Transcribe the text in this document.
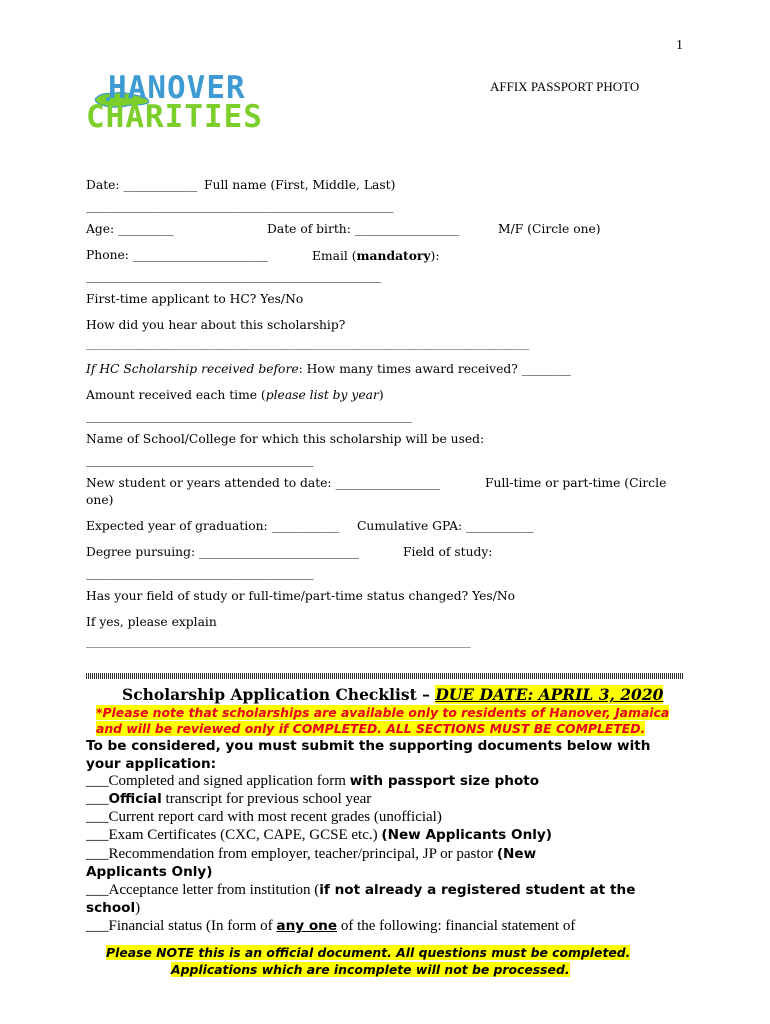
1
AFFIX PASSPORT PHOTO
HANOVER
CHARITIES
Date: ____________ Full name (First, Middle, Last)
__________________________________________________
Age: _________	Date of birth: _________________	M/F (Circle one)
Phone: ______________________	Email (mandatory):
________________________________________________
First-time applicant to HC? Yes/No
How did you hear about this scholarship?
_______________________________________________________________________________________
If HC Scholarship received before: How many times award received? ________
Amount received each time (please list by year)
_____________________________________________________
Name of School/College for which this scholarship will be used:
_____________________________________
New student or years attended to date: _________________	Full-time or part-time (Circle
one)
Expected year of graduation: ___________ Cumulative GPA: ___________
Degree pursuing: __________________________	Field of study:
_____________________________________
Has your field of study or full-time/part-time status changed? Yes/No
If yes, please explain
__________________________________________________________________________
Scholarship Application Checklist – DUE DATE: APRIL 3, 2020
*Please note that scholarships are available only to residents of Hanover, Jamaica
and will be reviewed only if COMPLETED. ALL SECTIONS MUST BE COMPLETED.
To be considered, you must submit the supporting documents below with
your application:
___Completed and signed application form with passport size photo
___Official transcript for previous school year
___Current report card with most recent grades (unofficial)
___Exam Certificates (CXC, CAPE, GCSE etc.) (New Applicants Only)
___Recommendation from employer, teacher/principal, JP or pastor (New
Applicants Only)
___Acceptance letter from institution (if not already a registered student at the
school)
___Financial status (In form of any one of the following: financial statement of
Please NOTE this is an official document. All questions must be completed.
Applications which are incomplete will not be processed.
